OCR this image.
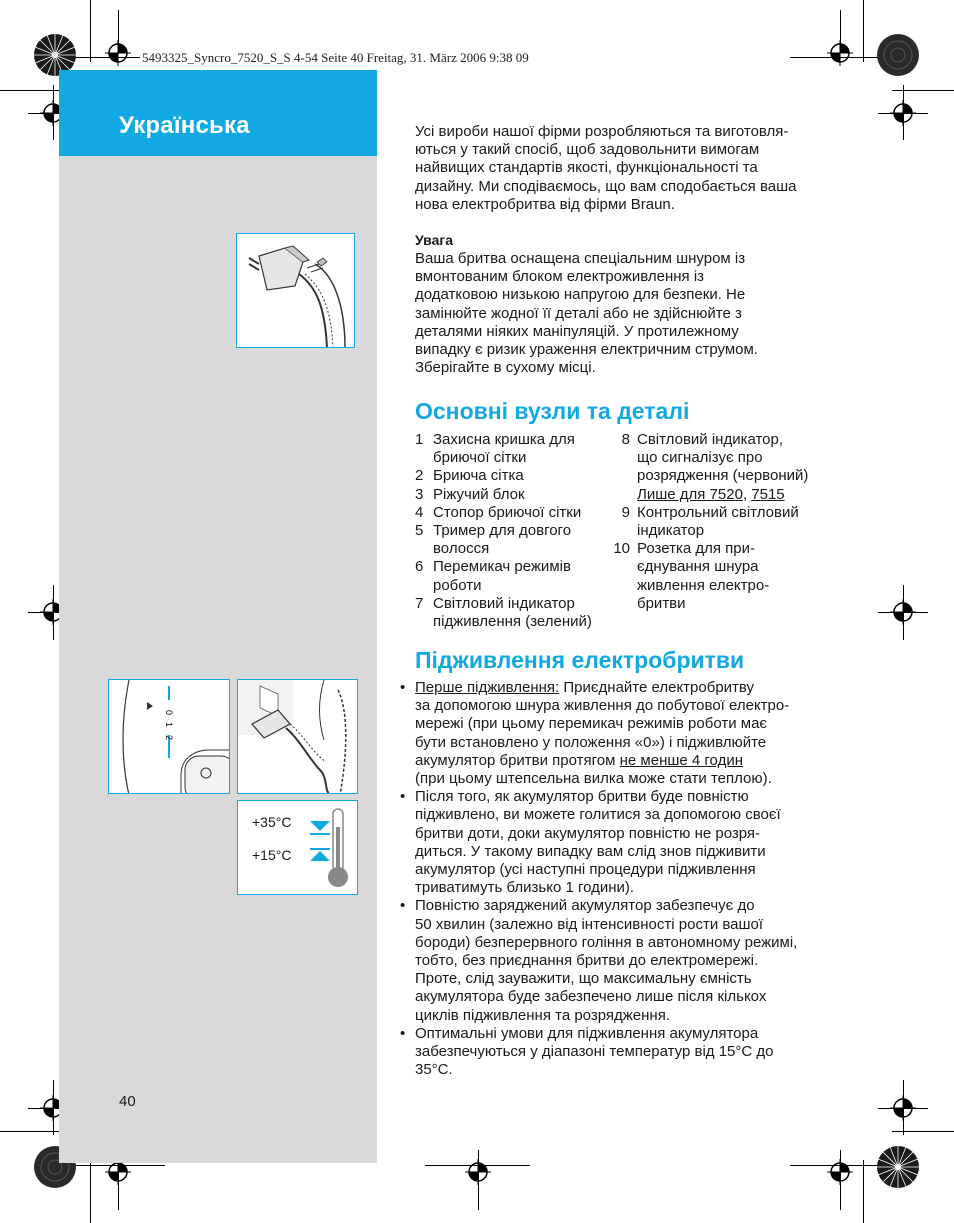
5493325_Syncro_7520_S_S 4-54 Seite 40 Freitag, 31. März 2006 9:38 09
Українська
0
1
2
+35°C
+15°C
40
Усі вироби нашої фірми розробляються та виготовля-
ються у такий спосіб, щоб задовольнити вимогам
найвищих стандартів якості, функціональності та
дизайну. Ми сподіваємось, що вам сподобається ваша
нова електробритва від фірми Braun.
Увага
Ваша бритва оснащена спеціальним шнуром із
вмонтованим блоком електроживлення із
додатковою низькою напругою для безпеки. Не
замінюйте жодної її деталі або не здійснюйте з
деталями ніяких маніпуляцій. У протилежному
випадку є ризик ураження електричним струмом.
Зберігайте в сухому місці.
Основні вузли та деталі
1 Захисна кришка для
бриючої сітки
2 Бриюча сітка
3 Ріжучий блок
4 Стопор бриючої сітки
5 Тример для довгого
волосся
6 Перемикач режимів
роботи
7 Світловий індикатор
підживлення (зелений)
8 Світловий індикатор,
що сигналізує про
розрядження (червоний)
Лише для 7520, 7515
9 Контрольний світловий
індикатор
10 Розетка для при-
єднування шнура
живлення електро-
бритви
Підживлення електробритви
• Перше підживлення: Приєднайте електробритву
за допомогою шнура живлення до побутової електро-
мережі (при цьому перемикач режимів роботи має
бути встановлено у положення «0») і підживлюйте
акумулятор бритви протягом не менше 4 годин
(при цьому штепсельна вилка може стати теплою).
• Після того, як акумулятор бритви буде повністю
підживлено, ви можете голитися за допомогою своєї
бритви доти, доки акумулятор повністю не розря-
диться. У такому випадку вам слід знов підживити
акумулятор (усі наступні процедури підживлення
триватимуть близько 1 години).
• Повністю заряджений акумулятор забезпечує до
50 хвилин (залежно від інтенсивності рости вашої
бороди) безперервного гоління в автономному режимі,
тобто, без приєднання бритви до електромережі.
Проте, слід зауважити, що максимальну ємність
акумулятора буде забезпечено лише після кількох
циклів підживлення та розрядження.
• Оптимальні умови для підживлення акумулятора
забезпечуються у діапазоні температур від 15°C до
35°C.
